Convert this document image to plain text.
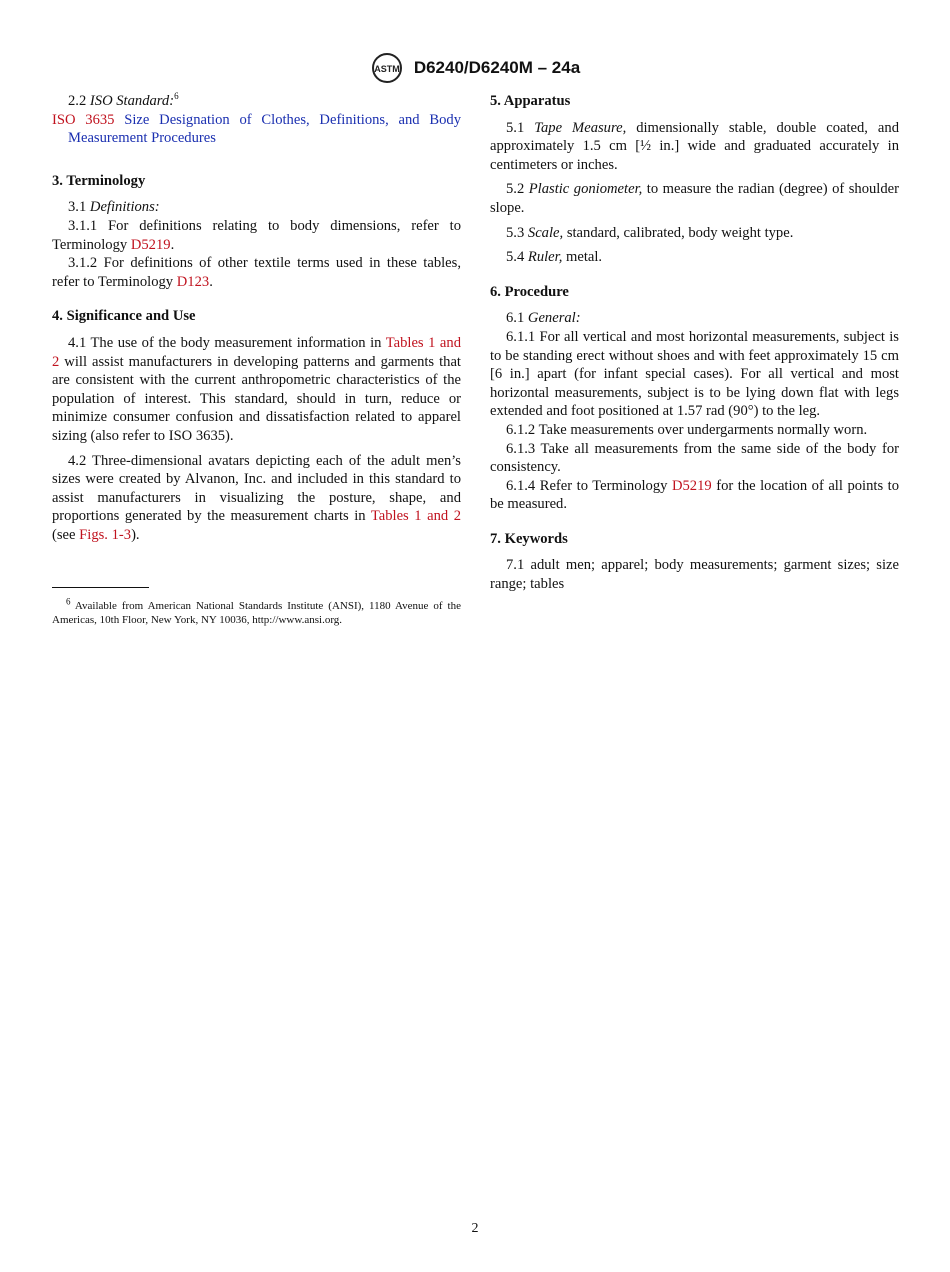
ASTM D6240/D6240M – 24a

2.2 ISO Standard:$^6$

ISO 3635 Size Designation of Clothes, Definitions, and Body Measurement Procedures
3. Terminology

3.1 Definitions:

3.1.1 For definitions relating to body dimensions, refer to Terminology D5219.

3.1.2 For definitions of other textile terms used in these tables, refer to Terminology D123.

4. Significance and Use

4.1 The use of the body measurement information in Tables 1 and 2 will assist manufacturers in developing patterns and garments that are consistent with the current anthropometric characteristics of the population of interest. This standard, should in turn, reduce or minimize consumer confusion and dissatisfaction related to apparel sizing (also refer to ISO 3635).

4.2 Three-dimensional avatars depicting each of the adult men’s sizes were created by Alvanon, Inc. and included in this standard to assist manufacturers in visualizing the posture, shape, and proportions generated by the measurement charts in Tables 1 and 2 (see Figs. 1-3).

$^6$ Available from American National Standards Institute (ANSI), 1180 Avenue of the Americas, 10th Floor, New York, NY 10036, http://www.ansi.org.
5. Apparatus

5.1 Tape Measure, dimensionally stable, double coated, and approximately 1.5 cm [½ in.] wide and graduated accurately in centimeters or inches.

5.2 Plastic goniometer, to measure the radian (degree) of shoulder slope.

5.3 Scale, standard, calibrated, body weight type.

5.4 Ruler, metal.

6. Procedure

6.1 General:

6.1.1 For all vertical and most horizontal measurements, subject is to be standing erect without shoes and with feet approximately 15 cm [6 in.] apart (for infant special cases). For all vertical and most horizontal measurements, subject is to be lying down flat with legs extended and foot positioned at 1.57 rad (90°) to the leg.

6.1.2 Take measurements over undergarments normally worn.

6.1.3 Take all measurements from the same side of the body for consistency.

6.1.4 Refer to Terminology D5219 for the location of all points to be measured.

7. Keywords

7.1 adult men; apparel; body measurements; garment sizes; size range; tables

2
